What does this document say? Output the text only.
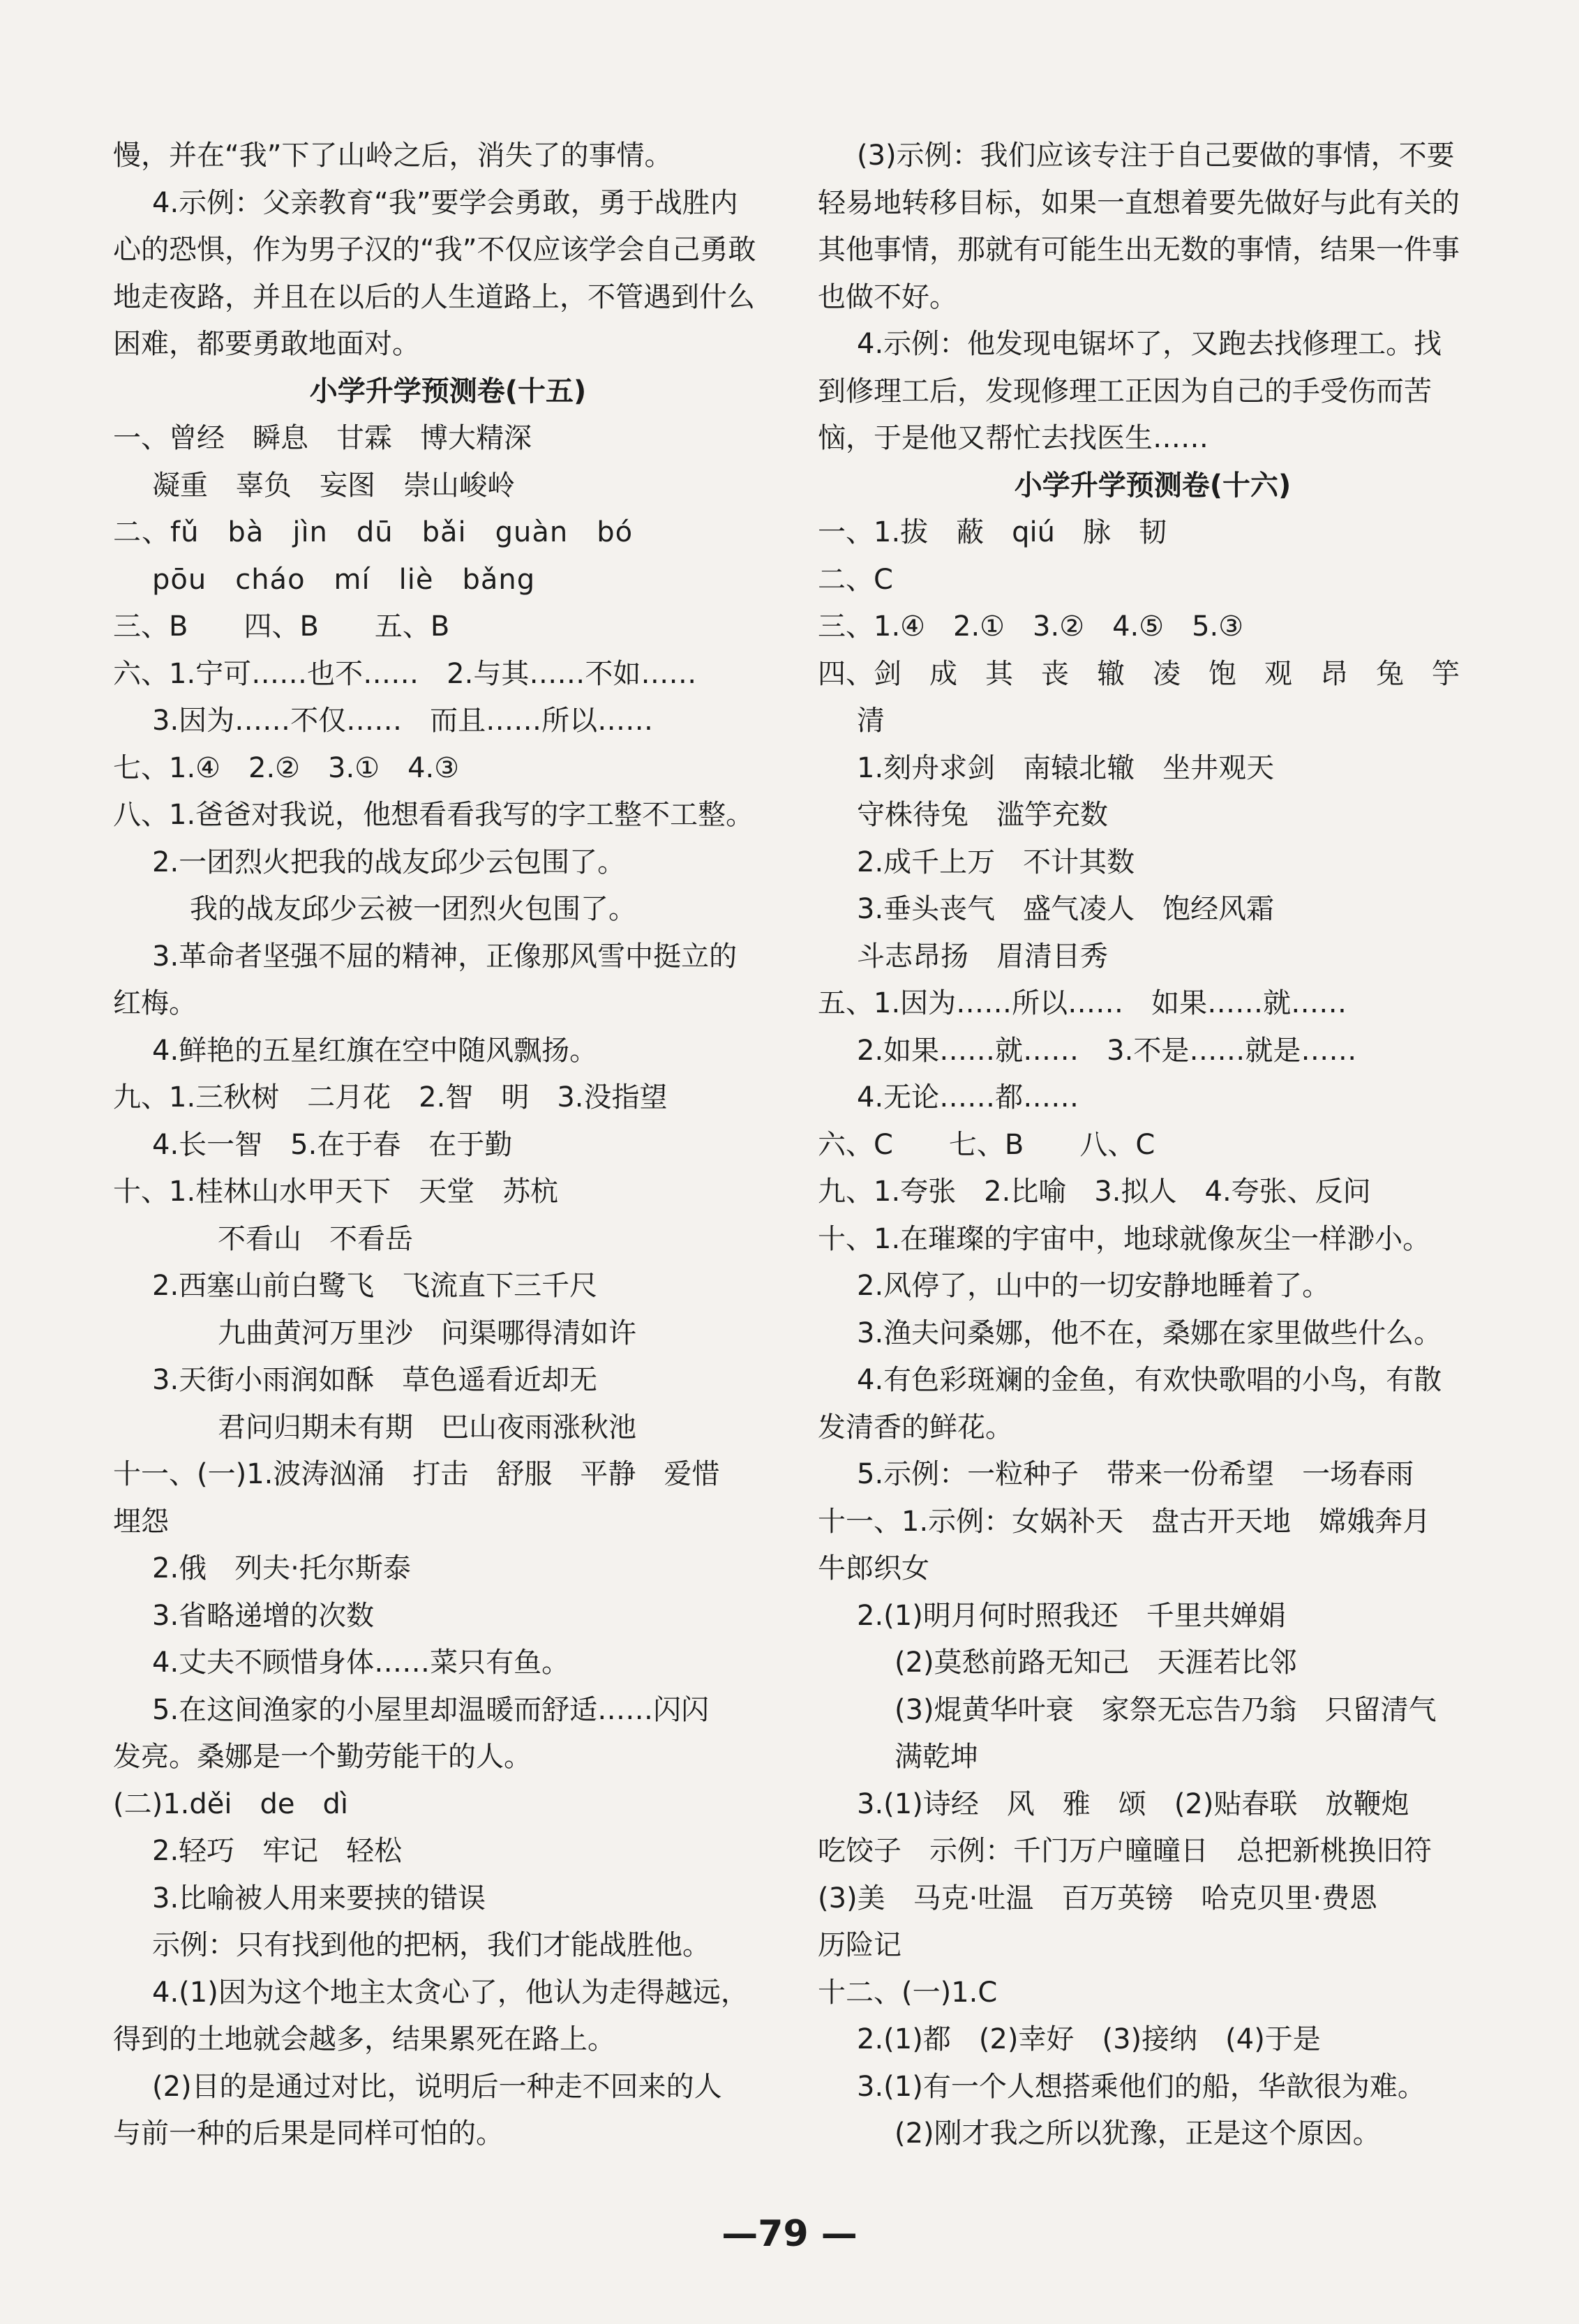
慢，并在“我”下了山岭之后，消失了的事情。
4.示例：父亲教育“我”要学会勇敢，勇于战胜内
心的恐惧，作为男子汉的“我”不仅应该学会自己勇敢
地走夜路，并且在以后的人生道路上，不管遇到什么
困难，都要勇敢地面对。
小学升学预测卷(十五)
一、曾经　瞬息　甘霖　博大精深
凝重　辜负　妄图　崇山峻岭
二、fǔ　bà　jìn　dū　bǎi　guàn　bó
pōu　cháo　mí　liè　bǎng
三、B　　四、B　　五、B
六、1.宁可……也不……　2.与其……不如……
3.因为……不仅……　而且……所以……
七、1.④　2.②　3.①　4.③
八、1.爸爸对我说，他想看看我写的字工整不工整。
2.一团烈火把我的战友邱少云包围了。
我的战友邱少云被一团烈火包围了。
3.革命者坚强不屈的精神，正像那风雪中挺立的
红梅。
4.鲜艳的五星红旗在空中随风飘扬。
九、1.三秋树　二月花　2.智　明　3.没指望
4.长一智　5.在于春　在于勤
十、1.桂林山水甲天下　天堂　苏杭
不看山　不看岳
2.西塞山前白鹭飞　飞流直下三千尺
九曲黄河万里沙　问渠哪得清如许
3.天街小雨润如酥　草色遥看近却无
君问归期未有期　巴山夜雨涨秋池
十一、(一)1.波涛汹涌　打击　舒服　平静　爱惜
埋怨
2.俄　列夫·托尔斯泰
3.省略递增的次数
4.丈夫不顾惜身体……菜只有鱼。
5.在这间渔家的小屋里却温暖而舒适……闪闪
发亮。桑娜是一个勤劳能干的人。
(二)1.děi　de　dì
2.轻巧　牢记　轻松
3.比喻被人用来要挟的错误
示例：只有找到他的把柄，我们才能战胜他。
4.(1)因为这个地主太贪心了，他认为走得越远，
得到的土地就会越多，结果累死在路上。
(2)目的是通过对比，说明后一种走不回来的人
与前一种的后果是同样可怕的。
(3)示例：我们应该专注于自己要做的事情，不要
轻易地转移目标，如果一直想着要先做好与此有关的
其他事情，那就有可能生出无数的事情，结果一件事
也做不好。
4.示例：他发现电锯坏了，又跑去找修理工。找
到修理工后，发现修理工正因为自己的手受伤而苦
恼，于是他又帮忙去找医生……
小学升学预测卷(十六)
一、1.拔　蔽　qiú　脉　韧
二、C
三、1.④　2.①　3.②　4.⑤　5.③
四、剑　成　其　丧　辙　凌　饱　观　昂　兔　竽
清
1.刻舟求剑　南辕北辙　坐井观天
守株待兔　滥竽充数
2.成千上万　不计其数
3.垂头丧气　盛气凌人　饱经风霜
斗志昂扬　眉清目秀
五、1.因为……所以……　如果……就……
2.如果……就……　3.不是……就是……
4.无论……都……
六、C　　七、B　　八、C
九、1.夸张　2.比喻　3.拟人　4.夸张、反问
十、1.在璀璨的宇宙中，地球就像灰尘一样渺小。
2.风停了，山中的一切安静地睡着了。
3.渔夫问桑娜，他不在，桑娜在家里做些什么。
4.有色彩斑斓的金鱼，有欢快歌唱的小鸟，有散
发清香的鲜花。
5.示例：一粒种子　带来一份希望　一场春雨
十一、1.示例：女娲补天　盘古开天地　嫦娥奔月
牛郎织女
2.(1)明月何时照我还　千里共婵娟
(2)莫愁前路无知己　天涯若比邻
(3)焜黄华叶衰　家祭无忘告乃翁　只留清气
满乾坤
3.(1)诗经　风　雅　颂　(2)贴春联　放鞭炮
吃饺子　示例：千门万户曈曈日　总把新桃换旧符
(3)美　马克·吐温　百万英镑　哈克贝里·费恩
历险记
十二、(一)1.C
2.(1)都　(2)幸好　(3)接纳　(4)于是
3.(1)有一个人想搭乘他们的船，华歆很为难。
(2)刚才我之所以犹豫，正是这个原因。
—79 —
